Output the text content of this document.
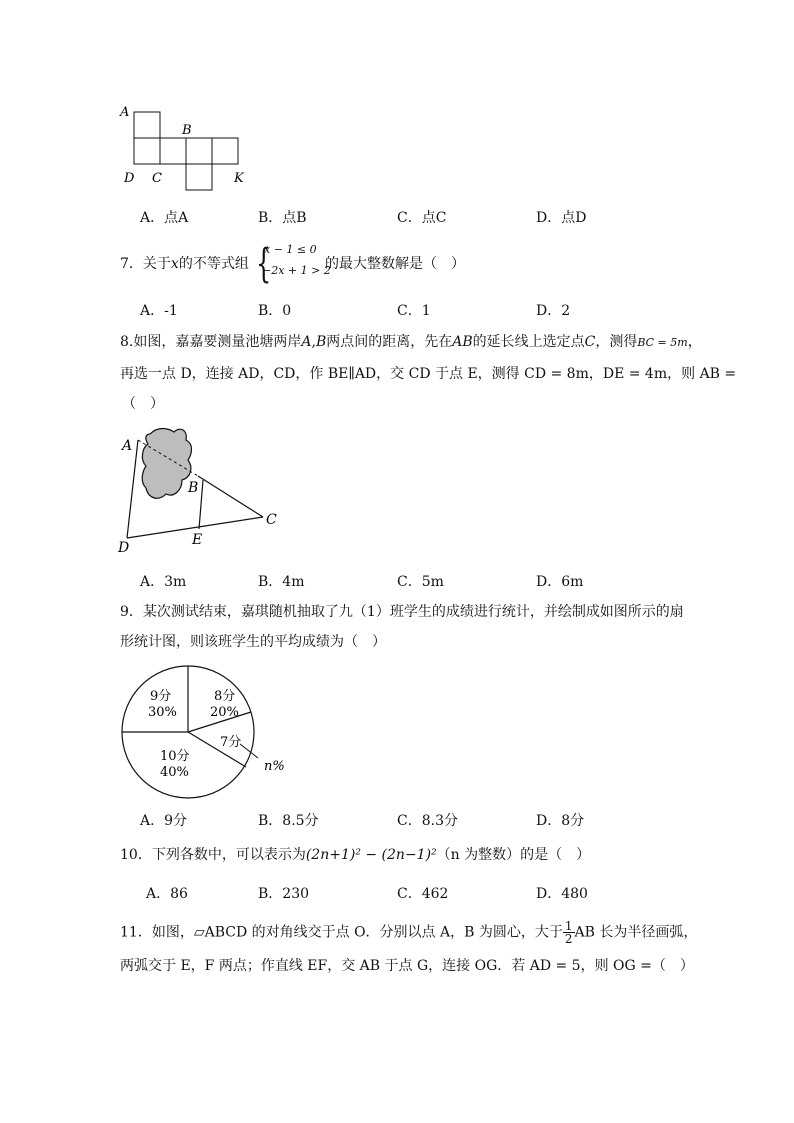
A
B
D C	K
A．点A	B．点B	C．点C	D．点D
7．关于x的不等式组 {
x − 1 ≤ 0
−2x + 1 > 2
的最大整数解是（　）
A．-1	B．0	C．1	D．2
8.如图，嘉嘉要测量池塘两岸A,B两点间的距离，先在AB的延长线上选定点C，测得BC = 5m，
再选一点 D，连接 AD，CD，作 BE∥AD，交 CD 于点 E，测得 CD = 8m，DE = 4m，则 AB =
（　）
A
B
C
D	E
A．3m	B．4m	C．5m	D．6m
9．某次测试结束，嘉琪随机抽取了九（1）班学生的成绩进行统计，并绘制成如图所示的扇
形统计图，则该班学生的平均成绩为（　）
9分
30%
8分
20%
7分
10分
40%	n%
A．9分	B．8.5分	C．8.3分	D．8分
10．下列各数中，可以表示为(2n+1)² − (2n−1)²（n 为整数）的是（　）
A．86	B．230	C．462	D．480
11．如图，▱ABCD 的对角线交于点 O．分别以点 A，B 为圆心，大于 $\frac{1}{2}$ AB 长为半径画弧，
两弧交于 E，F 两点；作直线 EF，交 AB 于点 G，连接 OG．若 AD = 5，则 OG =（　）
